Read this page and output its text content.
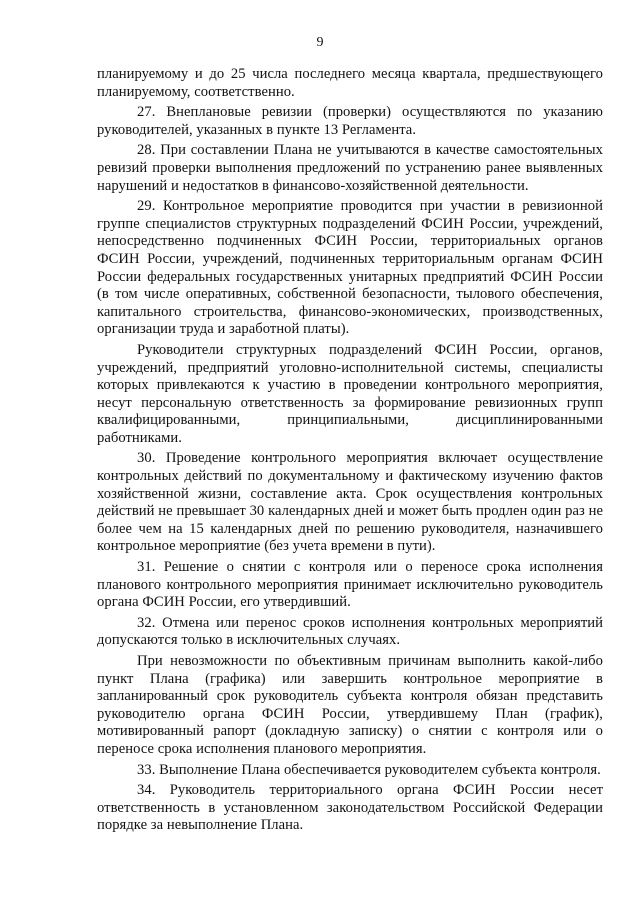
9

планируемому и до 25 числа последнего месяца квартала, предшествующего планируемому, соответственно.

27. Внеплановые ревизии (проверки) осуществляются по указанию руководителей, указанных в пункте 13 Регламента.

28. При составлении Плана не учитываются в качестве самостоятельных ревизий проверки выполнения предложений по устранению ранее выявленных нарушений и недостатков в финансово-хозяйственной деятельности.

29. Контрольное мероприятие проводится при участии в ревизионной группе специалистов структурных подразделений ФСИН России, учреждений, непосредственно подчиненных ФСИН России, территориальных органов ФСИН России, учреждений, подчиненных территориальным органам ФСИН России федеральных государственных унитарных предприятий ФСИН России (в том числе оперативных, собственной безопасности, тылового обеспечения, капитального строительства, финансово-экономических, производственных, организации труда и заработной платы).

Руководители структурных подразделений ФСИН России, органов, учреждений, предприятий уголовно-исполнительной системы, специалисты которых привлекаются к участию в проведении контрольного мероприятия, несут персональную ответственность за формирование ревизионных групп квалифицированными, принципиальными, дисциплинированными работниками.

30. Проведение контрольного мероприятия включает осуществление контрольных действий по документальному и фактическому изучению фактов хозяйственной жизни, составление акта. Срок осуществления контрольных действий не превышает 30 календарных дней и может быть продлен один раз не более чем на 15 календарных дней по решению руководителя, назначившего контрольное мероприятие (без учета времени в пути).

31. Решение о снятии с контроля или о переносе срока исполнения планового контрольного мероприятия принимает исключительно руководитель органа ФСИН России, его утвердивший.

32. Отмена или перенос сроков исполнения контрольных мероприятий допускаются только в исключительных случаях.

При невозможности по объективным причинам выполнить какой-либо пункт Плана (графика) или завершить контрольное мероприятие в запланированный срок руководитель субъекта контроля обязан представить руководителю органа ФСИН России, утвердившему План (график), мотивированный рапорт (докладную записку) о снятии с контроля или о переносе срока исполнения планового мероприятия.

33. Выполнение Плана обеспечивается руководителем субъекта контроля.

34. Руководитель территориального органа ФСИН России несет ответственность в установленном законодательством Российской Федерации порядке за невыполнение Плана.
